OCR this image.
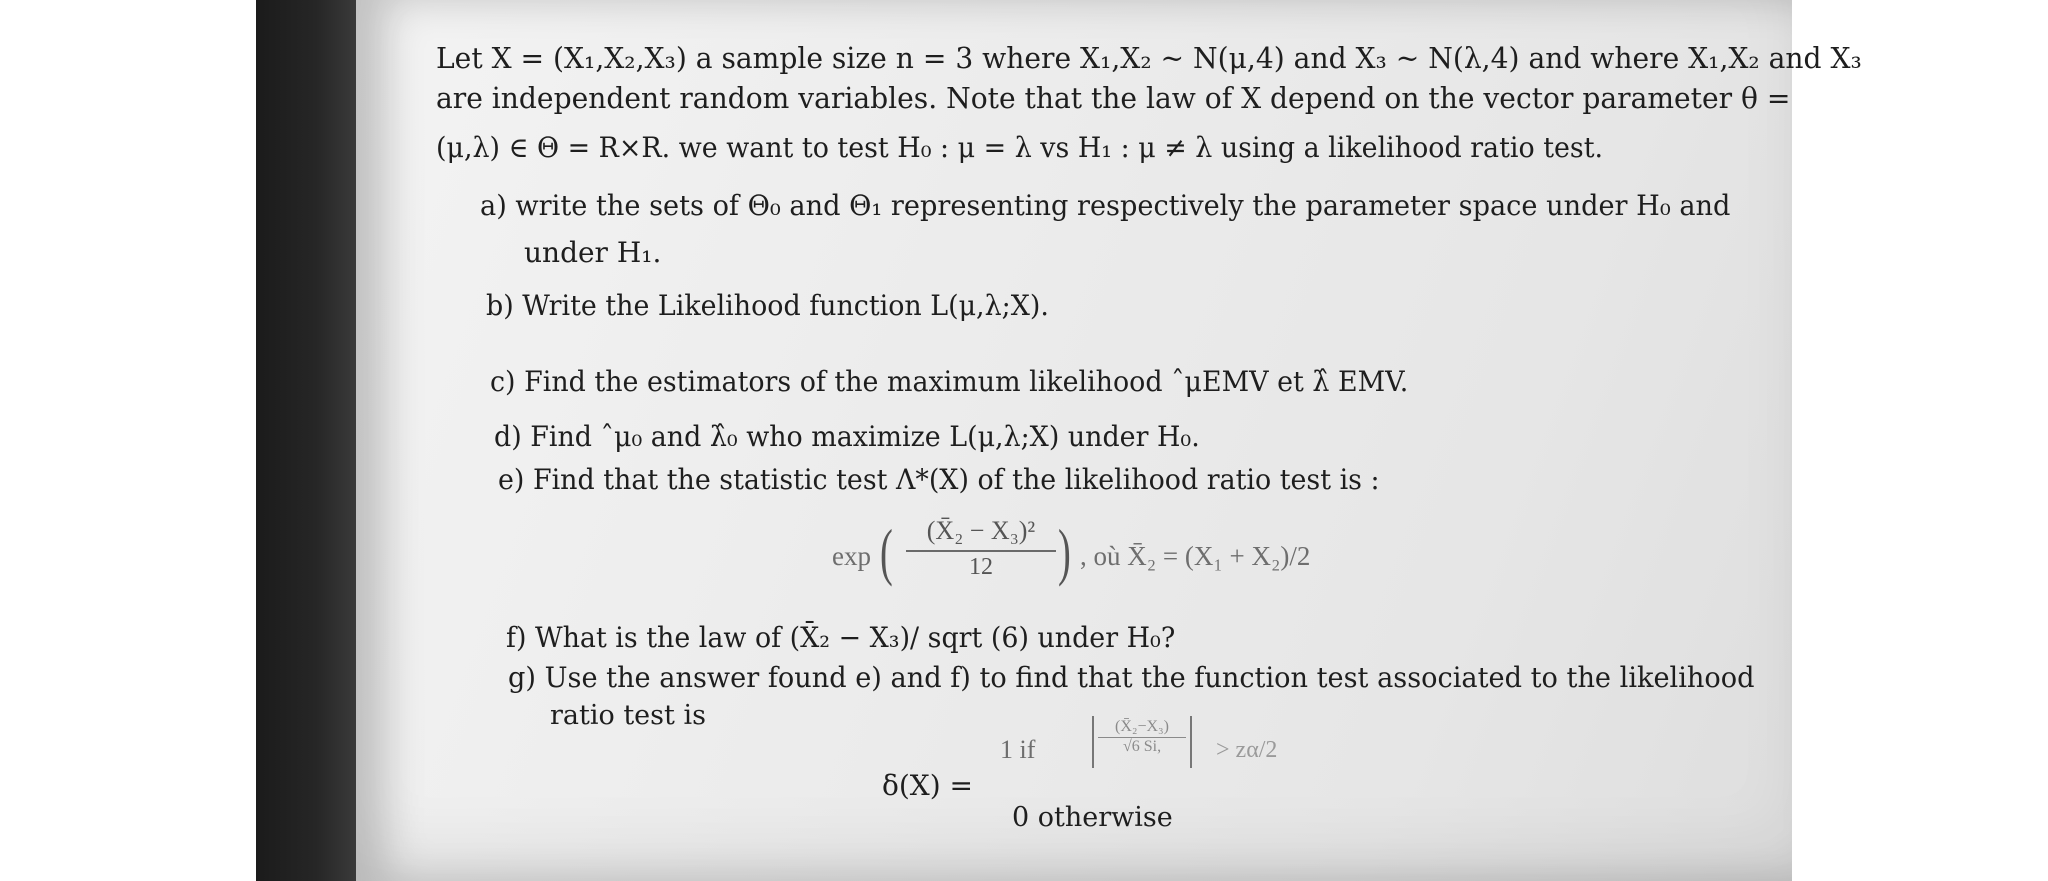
Let X = (X₁,X₂,X₃) a sample size n = 3 where X₁,X₂ ~ N(μ,4) and X₃ ~ N(λ,4) and where X₁,X₂ and X₃
are independent random variables. Note that the law of X depend on the vector parameter θ =
(μ,λ) ∈ Θ = R×R. we want to test H₀ : μ = λ vs H₁ : μ ≠ λ using a likelihood ratio test.
a) write the sets of Θ₀ and Θ₁ representing respectively the parameter space under H₀ and
under H₁.
b) Write the Likelihood function L(μ,λ;X).
c) Find the estimators of the maximum likelihood ˆμEMV et λ̂ EMV.
d) Find ˆμ₀ and λ̂₀ who maximize L(μ,λ;X) under H₀.
e) Find that the statistic test Λ*(X) of the likelihood ratio test is :
exp (	(X̄₂ − X₃)²
12	) , où X̄₂ = (X₁ + X₂)/2
f) What is the law of (X̄₂ − X₃)/ sqrt (6) under H₀?
g) Use the answer found e) and f) to find that the function test associated to the likelihood
ratio test is
1 if
(X̄₂−X₃)
√6 Si,	> zα/2
δ(X) =
0 otherwise
